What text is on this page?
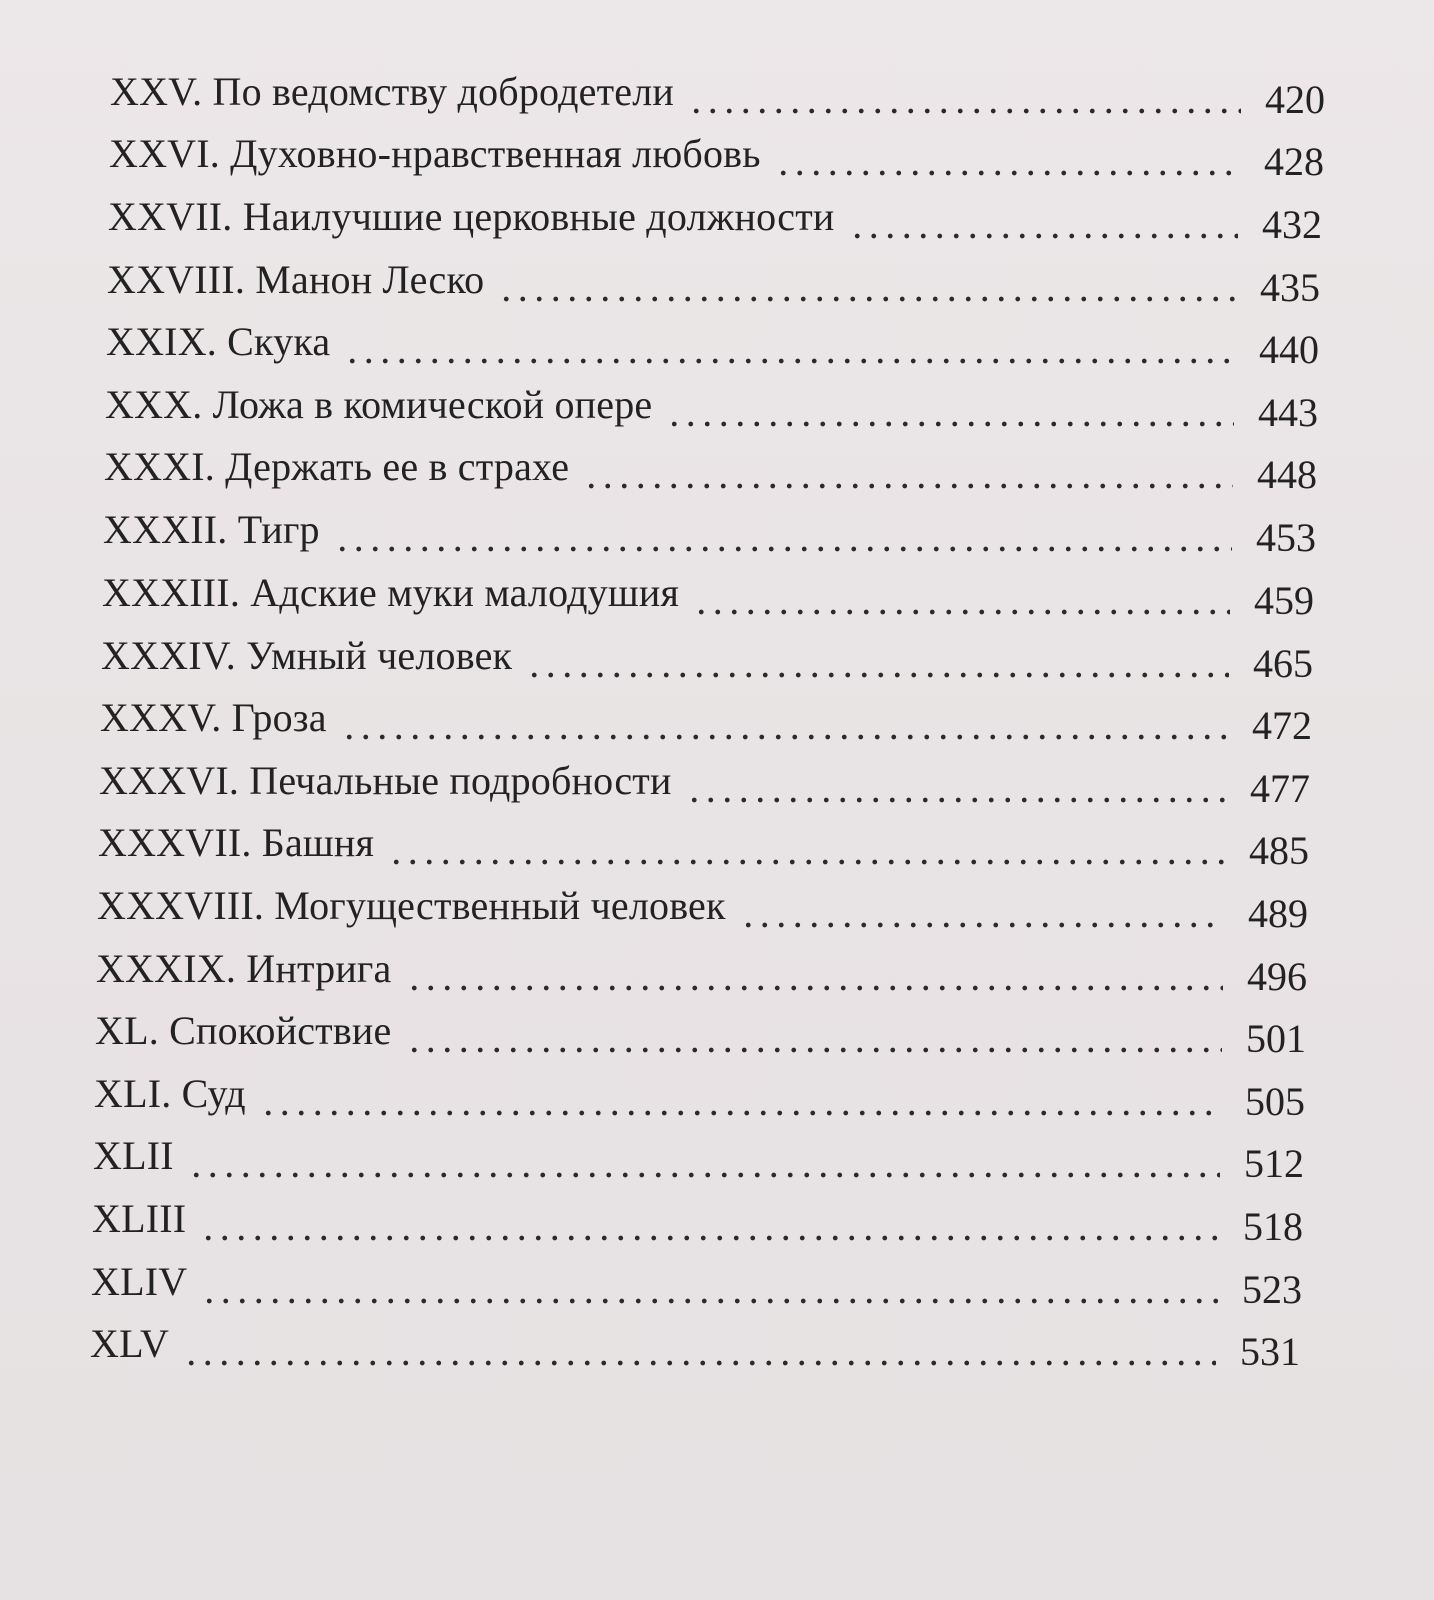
XXV. По ведомству добродетели	420
XXVI. Духовно-нравственная любовь	428
XXVII. Наилучшие церковные должности	432
XXVIII. Манон Леско	435
XXIX. Скука	440
XXX. Ложа в комической опере	443
XXXI. Держать ее в страхе	448
XXXII. Тигр	453
XXXIII. Адские муки малодушия	459
XXXIV. Умный человек	465
XXXV. Гроза	472
XXXVI. Печальные подробности	477
XXXVII. Башня	485
XXXVIII. Могущественный человек	489
XXXIX. Интрига	496
XL. Спокойствие	501
XLI. Суд	505
XLII	512
XLIII	518
XLIV	523
XLV	531
